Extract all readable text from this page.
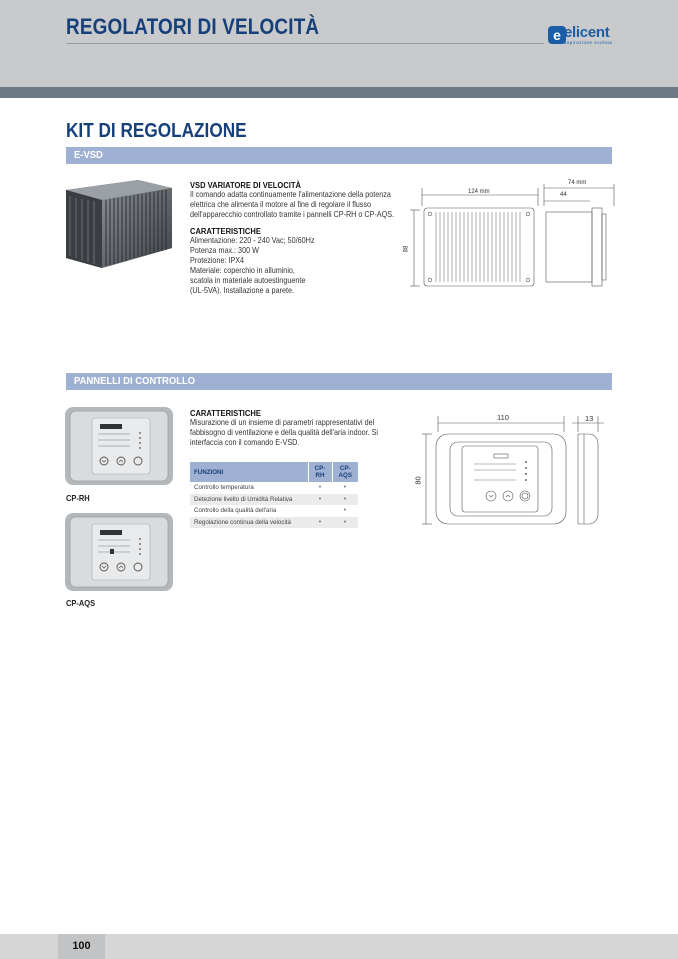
REGOLATORI DI VELOCITÀ	e elicent
aspirazione evoluta
KIT DI REGOLAZIONE
E-VSD
VSD VARIATORE DI VELOCITÀ
Il comando adatta continuamente l'alimentazione della potenza
elettrica che alimenta il motore al fine di regolare il flusso
dell'apparecchio controllato tramite i pannelli CP-RH o CP-AQS.
CARATTERISTICHE
Alimentazione: 220 - 240 Vac; 50/60Hz
Potenza max.: 300 W
Protezione: IPX4
Materiale: coperchio in alluminio,
scatola in materiale autoestinguente
(UL-5VA). Installazione a parete.
124 mm
74 mm
44
88
PANNELLI DI CONTROLLO
CP-RH
CP-AQS
CARATTERISTICHE
Misurazione di un insieme di parametri rappresentativi del
fabbisogno di ventilazione e della qualità dell'aria indoor. Si
interfaccia con il comando E-VSD.
FUNZIONI	CP-RH	CP-AQS
Controllo temperatura	•	•
Detezione livello di Umidità Relativa	•	•
Controllo della qualità dell'aria		•
Regolazione continua della velocità	•	•
110	13
80
100
